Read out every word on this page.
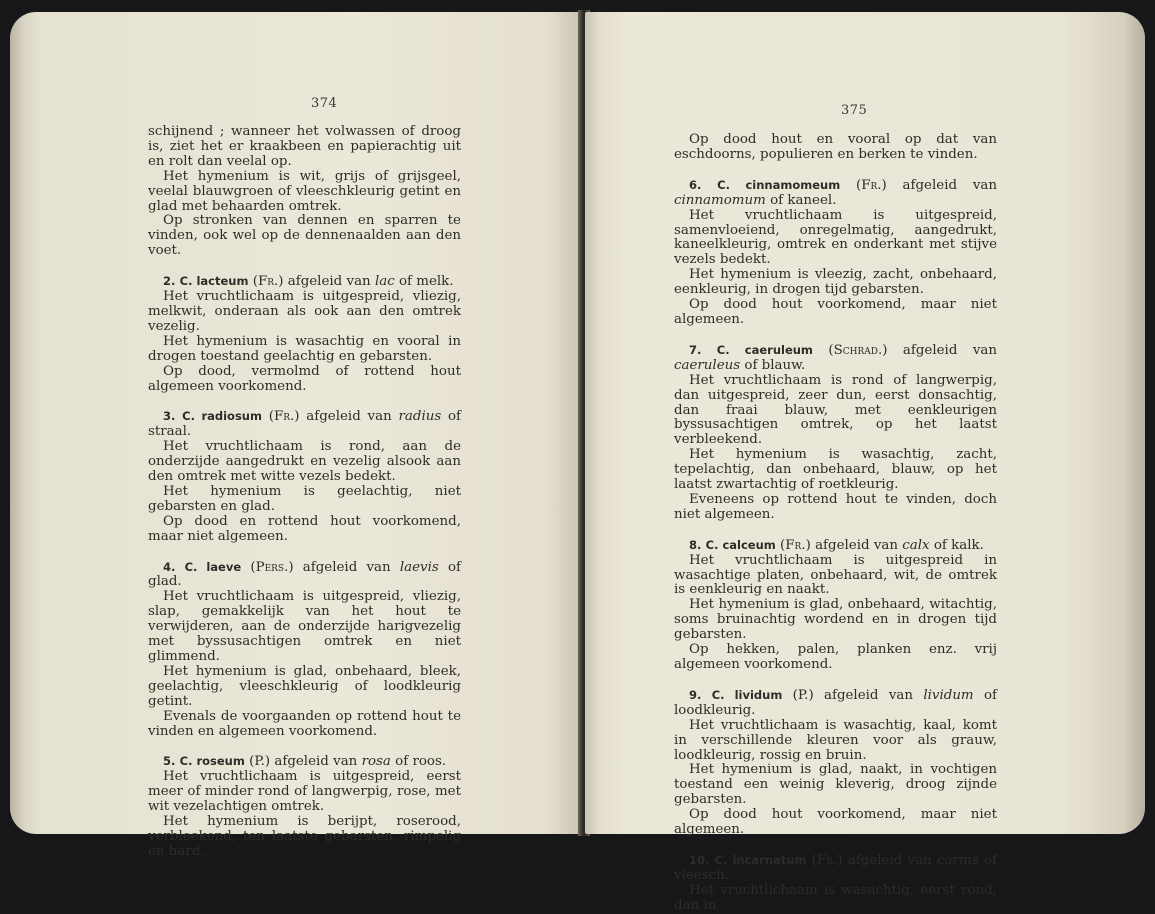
374

schijnend ; wanneer het volwassen of droog is, ziet het er kraakbeen en papierachtig uit en rolt dan veelal op.

Het hymenium is wit, grijs of grijsgeel, veelal blauwgroen of vleeschkleurig getint en glad met behaarden omtrek.

Op stronken van dennen en sparren te vinden, ook wel op de dennenaalden aan den voet.

2. C. lacteum (Fr.) afgeleid van lac of melk.

Het vruchtlichaam is uitgespreid, vliezig, melkwit, onderaan als ook aan den omtrek vezelig.

Het hymenium is wasachtig en vooral in drogen toestand geelachtig en gebarsten.

Op dood, vermolmd of rottend hout algemeen voorkomend.

3. C. radiosum (Fr.) afgeleid van radius of straal.

Het vruchtlichaam is rond, aan de onderzijde aangedrukt en vezelig alsook aan den omtrek met witte vezels bedekt.

Het hymenium is geelachtig, niet gebarsten en glad.

Op dood en rottend hout voorkomend, maar niet algemeen.

4. C. laeve (Pers.) afgeleid van laevis of glad.

Het vruchtlichaam is uitgespreid, vliezig, slap, gemakkelijk van het hout te verwijderen, aan de onderzijde harigvezelig met byssusachtigen omtrek en niet glimmend.

Het hymenium is glad, onbehaard, bleek, geelachtig, vleeschkleurig of loodkleurig getint.

Evenals de voorgaanden op rottend hout te vinden en algemeen voorkomend.

5. C. roseum (P.) afgeleid van rosa of roos.

Het vruchtlichaam is uitgespreid, eerst meer of minder rond of langwerpig, rose, met wit vezelachtigen omtrek.

Het hymenium is berijpt, roserood, verbleekend, ten laatste gebarsten, rimpelig en hard.

375

Op dood hout en vooral op dat van eschdoorns, populieren en berken te vinden.

6. C. cinnamomeum (Fr.) afgeleid van cinnamomum of kaneel.

Het vruchtlichaam is uitgespreid, samenvloeiend, onregelmatig, aangedrukt, kaneelkleurig, omtrek en onderkant met stijve vezels bedekt.

Het hymenium is vleezig, zacht, onbehaard, eenkleurig, in drogen tijd gebarsten.

Op dood hout voorkomend, maar niet algemeen.

7. C. caeruleum (Schrad.) afgeleid van caeruleus of blauw.

Het vruchtlichaam is rond of langwerpig, dan uitgespreid, zeer dun, eerst donsachtig, dan fraai blauw, met eenkleurigen byssusachtigen omtrek, op het laatst verbleekend.

Het hymenium is wasachtig, zacht, tepelachtig, dan onbehaard, blauw, op het laatst zwartachtig of roetkleurig.

Eveneens op rottend hout te vinden, doch niet algemeen.

8. C. calceum (Fr.) afgeleid van calx of kalk.

Het vruchtlichaam is uitgespreid in wasachtige platen, onbehaard, wit, de omtrek is eenkleurig en naakt.

Het hymenium is glad, onbehaard, witachtig, soms bruinachtig wordend en in drogen tijd gebarsten.

Op hekken, palen, planken enz. vrij algemeen voorkomend.

9. C. lividum (P.) afgeleid van lividum of loodkleurig.

Het vruchtlichaam is wasachtig, kaal, komt in verschillende kleuren voor als grauw, loodkleurig, rossig en bruin.

Het hymenium is glad, naakt, in vochtigen toestand een weinig kleverig, droog zijnde gebarsten.

Op dood hout voorkomend, maar niet algemeen.

10. C. incarnatum (Fr.) afgeleid van carnis of vleesch.

Het vruchtlichaam is wasachtig, eerst rond, dan in
